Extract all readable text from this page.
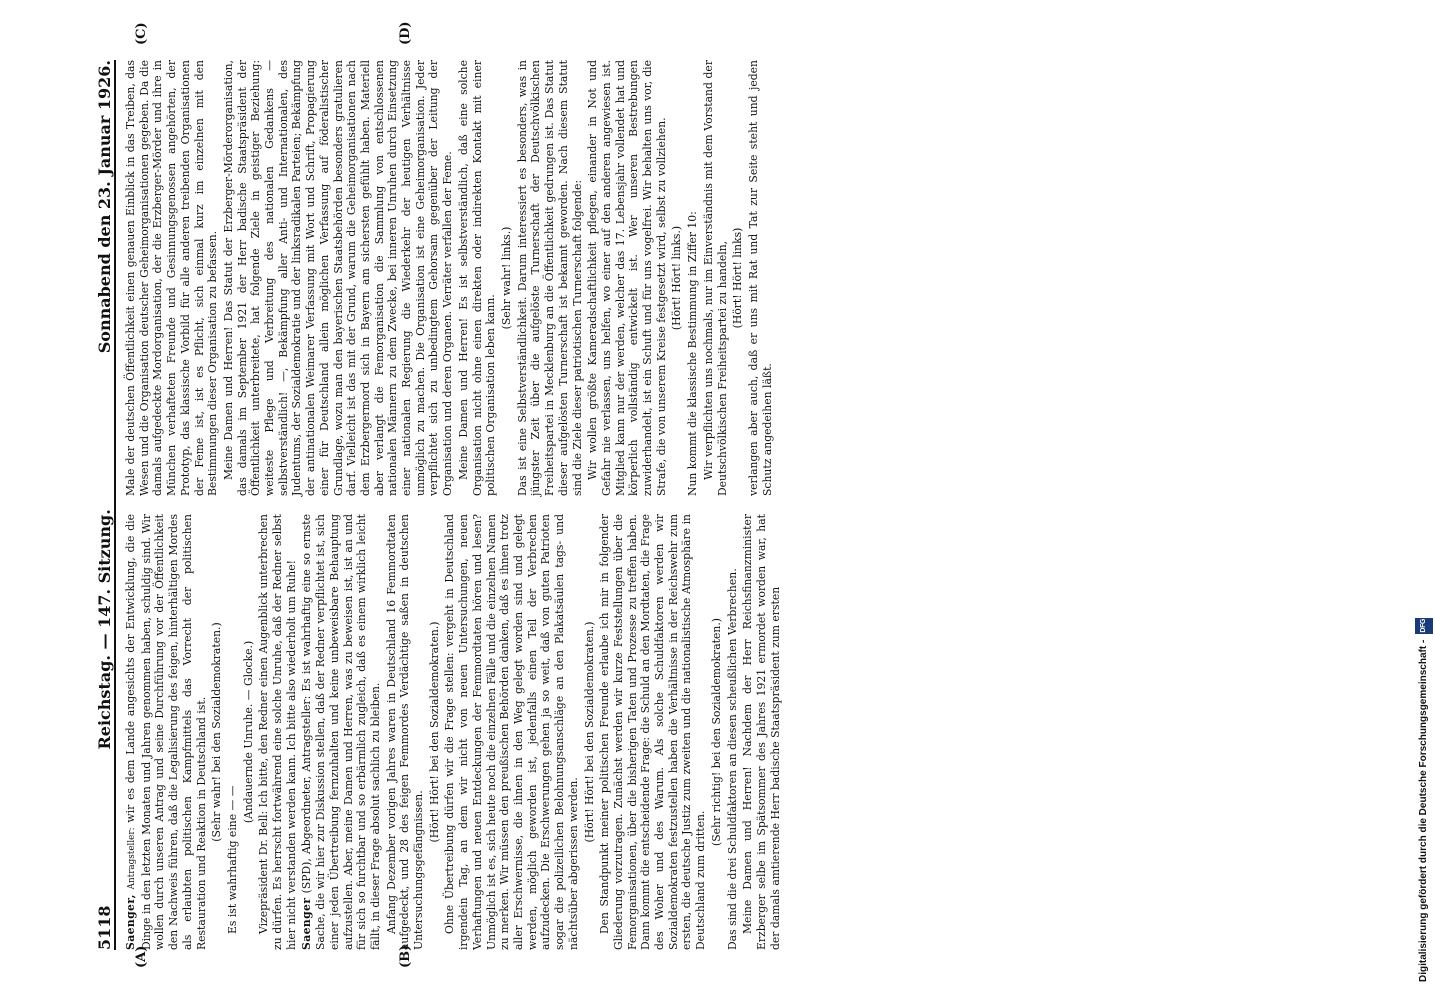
5118
Reichstag. — 147. Sitzung.
Sonnabend den 23. Januar 1926.
(A)	(B)
(C)	(D)

Saenger, Antragsteller: wir es dem Lande angesichts der Entwicklung, die die Dinge in den letzten Monaten und Jahren genommen haben, schuldig sind. Wir wollen durch unseren Antrag und seine Durchführung vor der Öffentlichkeit den Nachweis führen, daß die Legalisierung des feigen, hinterhältigen Mordes als erlaubten politischen Kampfmittels das Vorrecht der politischen Restauration und Reaktion in Deutschland ist. (Sehr wahr! bei den Sozialdemokraten.)

Es ist wahrhaftig eine — —

(Andauernde Unruhe. — Glocke.) Vizepräsident Dr. Bell: Ich bitte, den Redner einen Augenblick unterbrechen zu dürfen. Es herrscht fortwährend eine solche Unruhe, daß der Redner selbst hier nicht verstanden werden kann. Ich bitte also wiederholt um Ruhe! Saenger (SPD), Abgeordneter, Antragsteller: Es ist wahrhaftig eine so ernste Sache, die wir hier zur Diskussion stellen, daß der Redner verpflichtet ist, sich einer jeden Übertreibung fernzuhalten und keine unbeweisbare Behauptung aufzustellen. Aber, meine Damen und Herren, was zu beweisen ist, ist an und für sich so furchtbar und so erbärmlich zugleich, daß es einem wirklich leicht fällt, in dieser Frage absolut sachlich zu bleiben. Anfang Dezember vorigen Jahres waren in Deutschland 16 Femmordtaten aufgedeckt, und 28 des feigen Femmordes Verdächtige saßen in deutschen Untersuchungsgefängnissen.

(Hört! Hört! bei den Sozialdemokraten.) Ohne Übertreibung dürfen wir die Frage stellen: vergeht in Deutschland irgendein Tag, an dem wir nicht von neuen Untersuchungen, neuen Verhaftungen und neuen Entdeckungen der Femmordtaten hören und lesen? Unmöglich ist es, sich heute noch die einzelnen Fälle und die einzelnen Namen zu merken. Wir müssen den preußischen Behörden danken, daß es ihnen trotz aller Erschwernisse, die ihnen in den Weg gelegt worden sind und gelegt werden, möglich geworden ist, jedenfalls einen Teil der Verbrechen aufzudecken. Die Erschwerungen gehen ja so weit, daß von guten Patrioten sogar die polizeilichen Belohnungsanschläge an den Plakatsäulen tags- und nächtsüber abgerissen werden.

(Hört! Hört! bei den Sozialdemokraten.) Den Standpunkt meiner politischen Freunde erlaube ich mir in folgender Gliederung vorzutragen. Zunächst werden wir kurze Feststellungen über die Femorganisationen, über die bisherigen Taten und Prozesse zu treffen haben. Dann kommt die entscheidende Frage: die Schuld an den Mordtaten, die Frage des Woher und des Warum. Als solche Schuldfaktoren werden wir Sozialdemokraten festzustellen haben die Verhältnisse in der Reichswehr zum ersten, die deutsche Justiz zum zweiten und die nationalistische Atmosphäre in Deutschland zum dritten.

(Sehr richtig! bei den Sozialdemokraten.) Das sind die drei Schuldfaktoren an diesen scheußlichen Verbrechen. Meine Damen und Herren! Nachdem der Herr Reichsfinanzminister Erzberger selbe im Spätsommer des Jahres 1921 ermordet worden war, hat der damals amtierende Herr badische Staatspräsident zum ersten

Male der deutschen Öffentlichkeit einen genauen Einblick in das Treiben, das Wesen und die Organisation deutscher Geheimorganisationen gegeben. Da die damals aufgedeckte Mordorganisation, der die Erzberger-Mörder und ihre in München verhafteten Freunde und Gesinnungsgenossen angehörten, der Prototyp, das klassische Vorbild für alle anderen treibenden Organisationen der Feme ist, ist es Pflicht, sich einmal kurz im einzelnen mit den Bestimmungen dieser Organisation zu befassen. Meine Damen und Herren! Das Statut der Erzberger-Mörderorganisation, das damals im September 1921 der Herr badische Staatspräsident der Öffentlichkeit unterbreitete, hat folgende Ziele in geistiger Beziehung: weiteste Pflege und Verbreitung des nationalen Gedankens — selbstverständlich! —, Bekämpfung aller Anti- und Internationalen, des Judentums, der Sozialdemokratie und der linksradikalen Parteien; Bekämpfung der antinationalen Weimarer Verfassung mit Wort und Schrift, Propagierung einer für Deutschland allein möglichen Verfassung auf föderalistischer Grundlage, wozu man den bayerischen Staatsbehörden besonders gratulieren darf. Vielleicht ist das mit der Grund, warum die Geheimorganisationen nach dem Erzbergermord sich in Bayern am sichersten gefühlt haben. Materiell aber verlangt die Femorganisation die Sammlung von entschlossenen nationalen Männern zu dem Zwecke, bei inneren Unruhen durch Einsetzung einer nationalen Regierung die Wiederkehr der heutigen Verhältnisse unmöglich zu machen. Die Organisation ist eine Geheimorganisation. Jeder verpflichtet sich zu unbedingtem Gehorsam gegenüber der Leitung der Organisation und deren Organen. Verräter verfallen der Feme. Meine Damen und Herren! Es ist selbstverständlich, daß eine solche Organisation nicht ohne einen direkten oder indirekten Kontakt mit einer politischen Organisation leben kann.

(Sehr wahr! links.) Das ist eine Selbstverständlichkeit. Darum interessiert es besonders, was in jüngster Zeit über die aufgelöste Turnerschaft der Deutschvölkischen Freiheitspartei in Mecklenburg an die Öffentlichkeit gedrungen ist. Das Statut dieser aufgelösten Turnerschaft ist bekannt geworden. Nach diesem Statut sind die Ziele dieser patriotischen Turnerschaft folgende: Wir wollen größte Kameradschaftlichkeit pflegen, einander in Not und Gefahr nie verlassen, uns helfen, wo einer auf den anderen angewiesen ist. Mitglied kann nur der werden, welcher das 17. Lebensjahr vollendet hat und körperlich vollständig entwickelt ist. Wer unseren Bestrebungen zuwiderhandelt, ist ein Schuft und für uns vogelfrei. Wir behalten uns vor, die Strafe, die von unserem Kreise festgesetzt wird, selbst zu vollziehen. (Hört! Hört! links.) Nun kommt die klassische Bestimmung in Ziffer 10: Wir verpflichten uns nochmals, nur im Einverständnis mit dem Vorstand der Deutschvölkischen Freiheitspartei zu handeln, (Hört! Hört! links) verlangen aber auch, daß er uns mit Rat und Tat zur Seite steht und jeden Schutz angedeihen läßt.

Digitalisierung gefördert durch die Deutsche Forschungsgemeinschaft -
DFG
